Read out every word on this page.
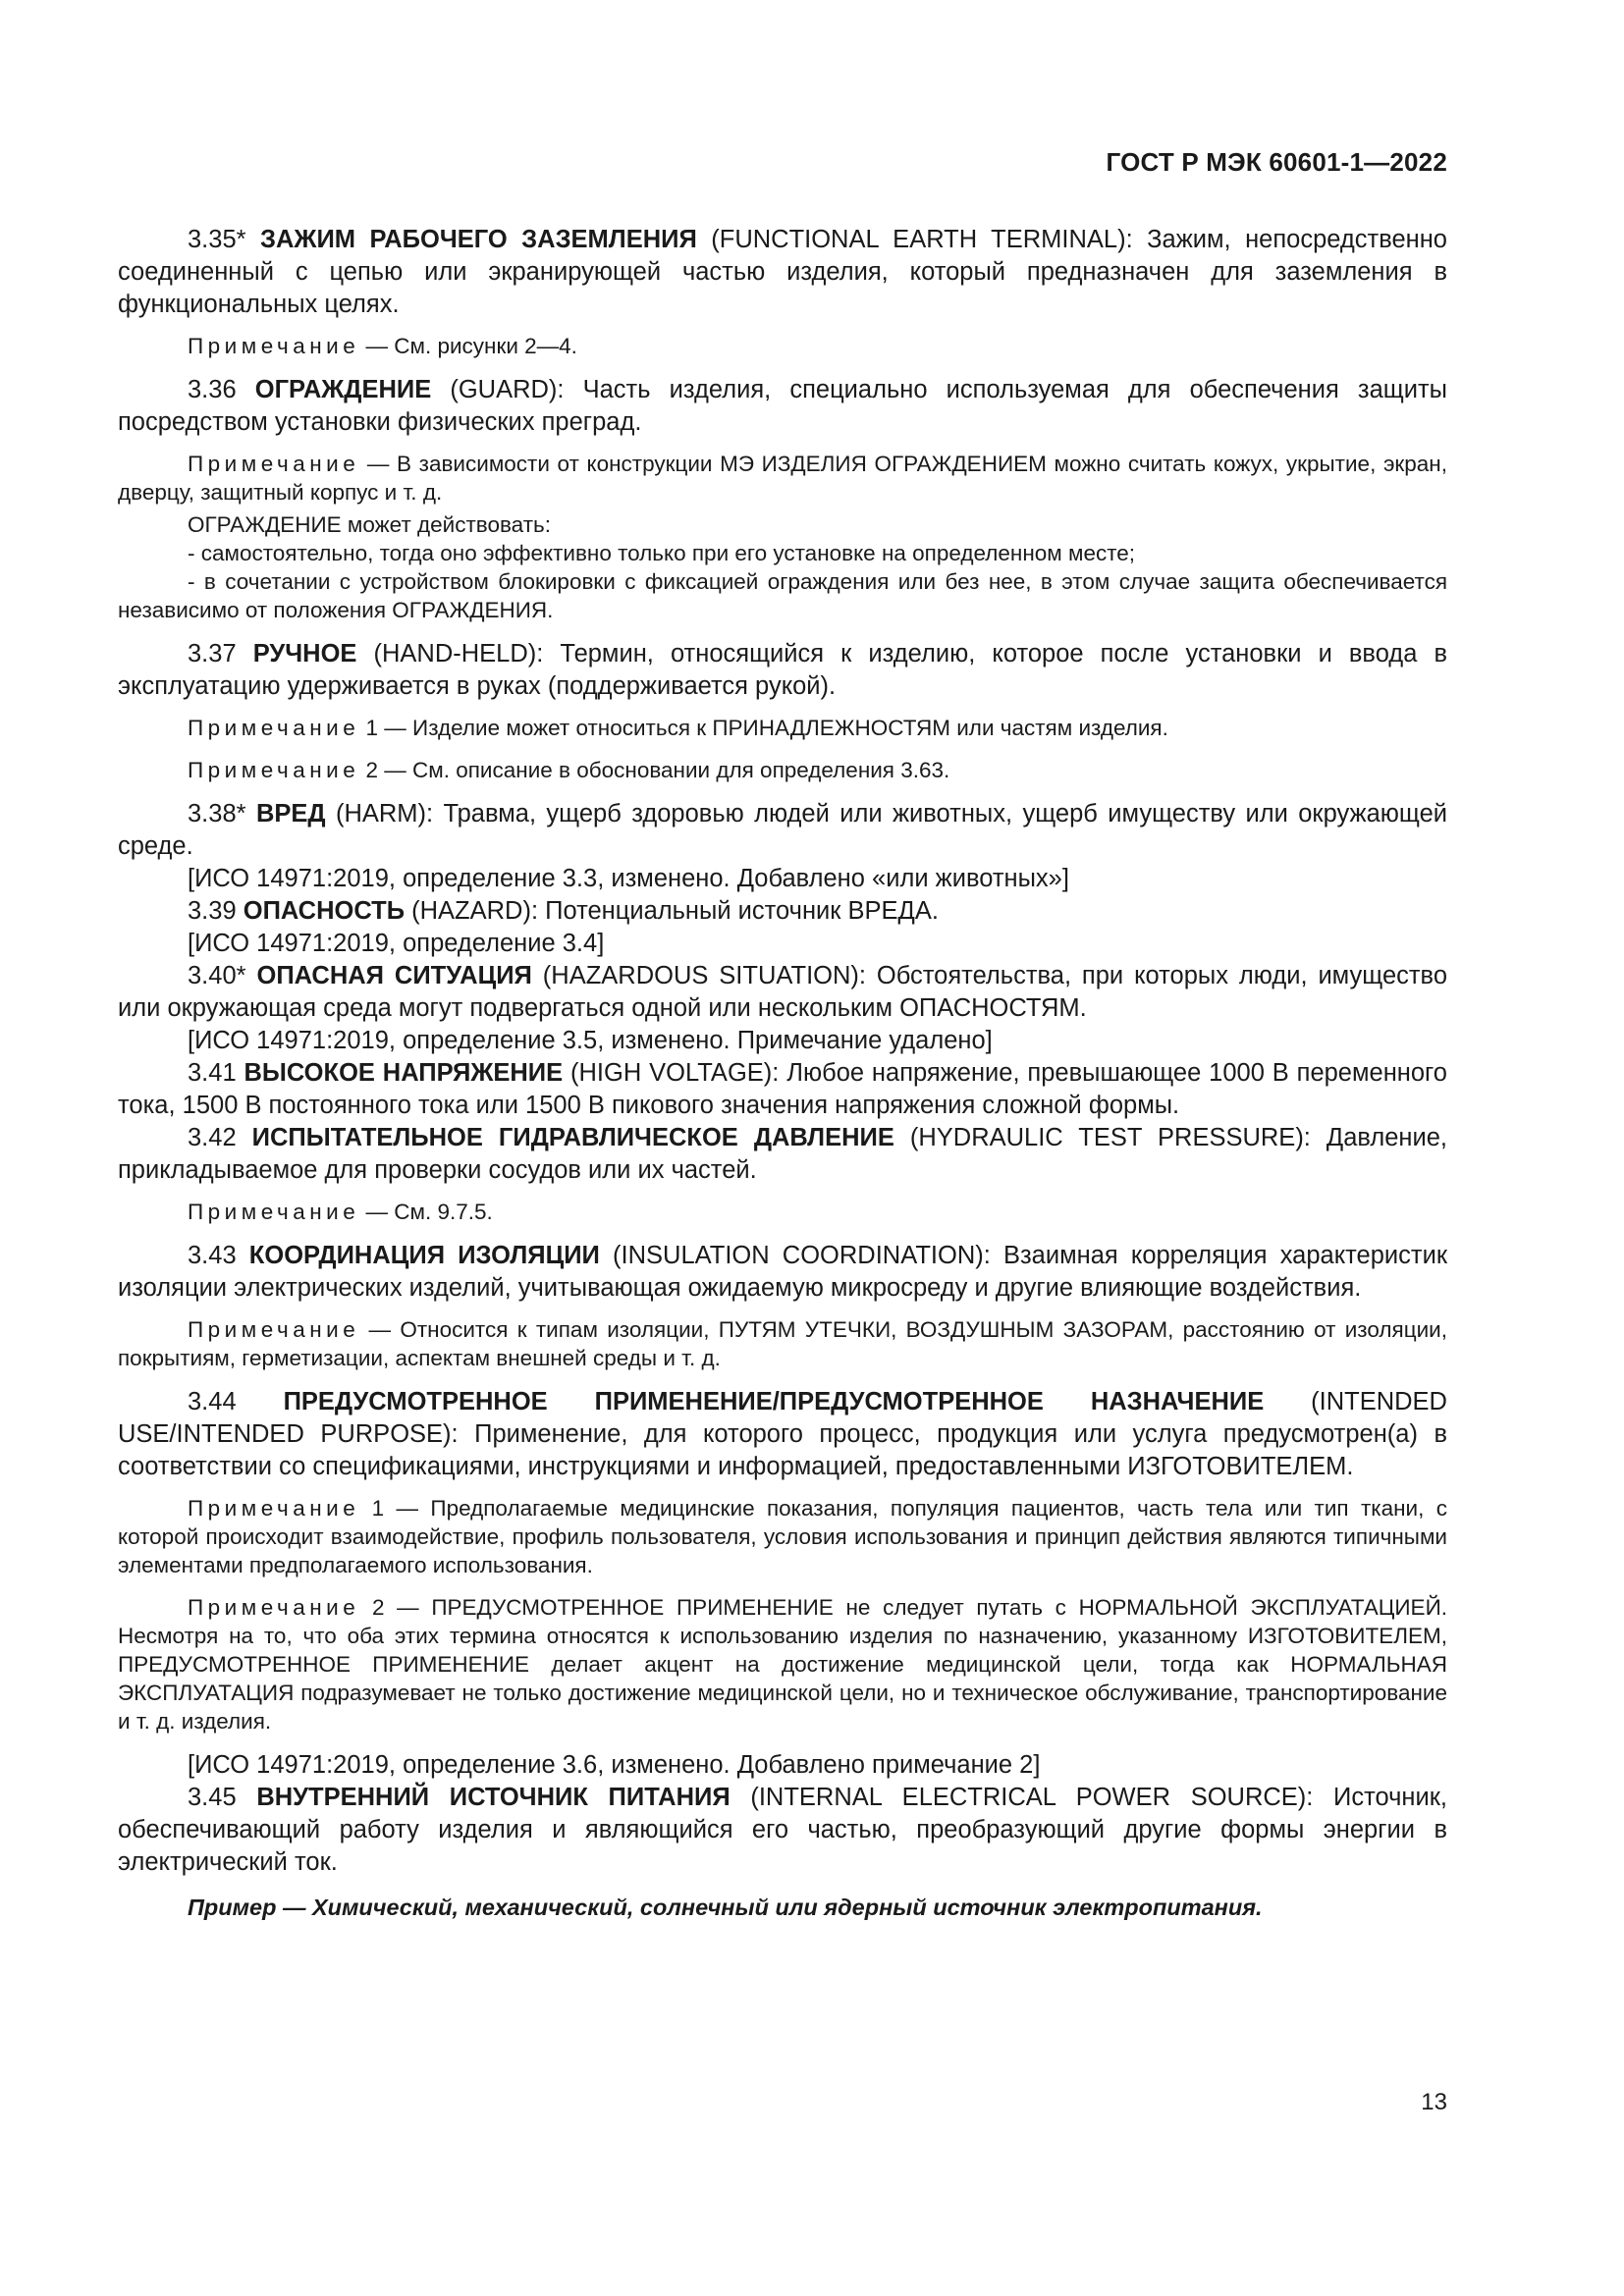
ГОСТ Р МЭК 60601-1—2022

3.35* ЗАЖИМ РАБОЧЕГО ЗАЗЕМЛЕНИЯ (FUNCTIONAL EARTH TERMINAL): Зажим, непосредственно соединенный с цепью или экранирующей частью изделия, который предназначен для заземления в функциональных целях.

Примечание — См. рисунки 2—4.

3.36 ОГРАЖДЕНИЕ (GUARD): Часть изделия, специально используемая для обеспечения защиты посредством установки физических преград.

Примечание — В зависимости от конструкции МЭ ИЗДЕЛИЯ ОГРАЖДЕНИЕМ можно считать кожух, укрытие, экран, дверцу, защитный корпус и т. д.

ОГРАЖДЕНИЕ может действовать:

- самостоятельно, тогда оно эффективно только при его установке на определенном месте;

- в сочетании с устройством блокировки с фиксацией ограждения или без нее, в этом случае защита обеспечивается независимо от положения ОГРАЖДЕНИЯ.

3.37 РУЧНОЕ (HAND-HELD): Термин, относящийся к изделию, которое после установки и ввода в эксплуатацию удерживается в руках (поддерживается рукой).

Примечание 1 — Изделие может относиться к ПРИНАДЛЕЖНОСТЯМ или частям изделия.

Примечание 2 — См. описание в обосновании для определения 3.63.

3.38* ВРЕД (HARM): Травма, ущерб здоровью людей или животных, ущерб имуществу или окружающей среде.

[ИСО 14971:2019, определение 3.3, изменено. Добавлено «или животных»]

3.39 ОПАСНОСТЬ (HAZARD): Потенциальный источник ВРЕДА.

[ИСО 14971:2019, определение 3.4]

3.40* ОПАСНАЯ СИТУАЦИЯ (HAZARDOUS SITUATION): Обстоятельства, при которых люди, имущество или окружающая среда могут подвергаться одной или нескольким ОПАСНОСТЯМ.

[ИСО 14971:2019, определение 3.5, изменено. Примечание удалено]

3.41 ВЫСОКОЕ НАПРЯЖЕНИЕ (HIGH VOLTAGE): Любое напряжение, превышающее 1000 В переменного тока, 1500 В постоянного тока или 1500 В пикового значения напряжения сложной формы.

3.42 ИСПЫТАТЕЛЬНОЕ ГИДРАВЛИЧЕСКОЕ ДАВЛЕНИЕ (HYDRAULIC TEST PRESSURE): Давление, прикладываемое для проверки сосудов или их частей.

Примечание — См. 9.7.5.

3.43 КООРДИНАЦИЯ ИЗОЛЯЦИИ (INSULATION COORDINATION): Взаимная корреляция характеристик изоляции электрических изделий, учитывающая ожидаемую микросреду и другие влияющие воздействия.

Примечание — Относится к типам изоляции, ПУТЯМ УТЕЧКИ, ВОЗДУШНЫМ ЗАЗОРАМ, расстоянию от изоляции, покрытиям, герметизации, аспектам внешней среды и т. д.

3.44 ПРЕДУСМОТРЕННОЕ ПРИМЕНЕНИЕ/ПРЕДУСМОТРЕННОЕ НАЗНАЧЕНИЕ (INTENDED USE/INTENDED PURPOSE): Применение, для которого процесс, продукция или услуга предусмотрен(а) в соответствии со спецификациями, инструкциями и информацией, предоставленными ИЗГОТОВИТЕЛЕМ.

Примечание 1 — Предполагаемые медицинские показания, популяция пациентов, часть тела или тип ткани, с которой происходит взаимодействие, профиль пользователя, условия использования и принцип действия являются типичными элементами предполагаемого использования.

Примечание 2 — ПРЕДУСМОТРЕННОЕ ПРИМЕНЕНИЕ не следует путать с НОРМАЛЬНОЙ ЭКСПЛУАТАЦИЕЙ. Несмотря на то, что оба этих термина относятся к использованию изделия по назначению, указанному ИЗГОТОВИТЕЛЕМ, ПРЕДУСМОТРЕННОЕ ПРИМЕНЕНИЕ делает акцент на достижение медицинской цели, тогда как НОРМАЛЬНАЯ ЭКСПЛУАТАЦИЯ подразумевает не только достижение медицинской цели, но и техническое обслуживание, транспортирование и т. д. изделия.

[ИСО 14971:2019, определение 3.6, изменено. Добавлено примечание 2]

3.45 ВНУТРЕННИЙ ИСТОЧНИК ПИТАНИЯ (INTERNAL ELECTRICAL POWER SOURCE): Источник, обеспечивающий работу изделия и являющийся его частью, преобразующий другие формы энергии в электрический ток.

Пример — Химический, механический, солнечный или ядерный источник электропитания.

13
